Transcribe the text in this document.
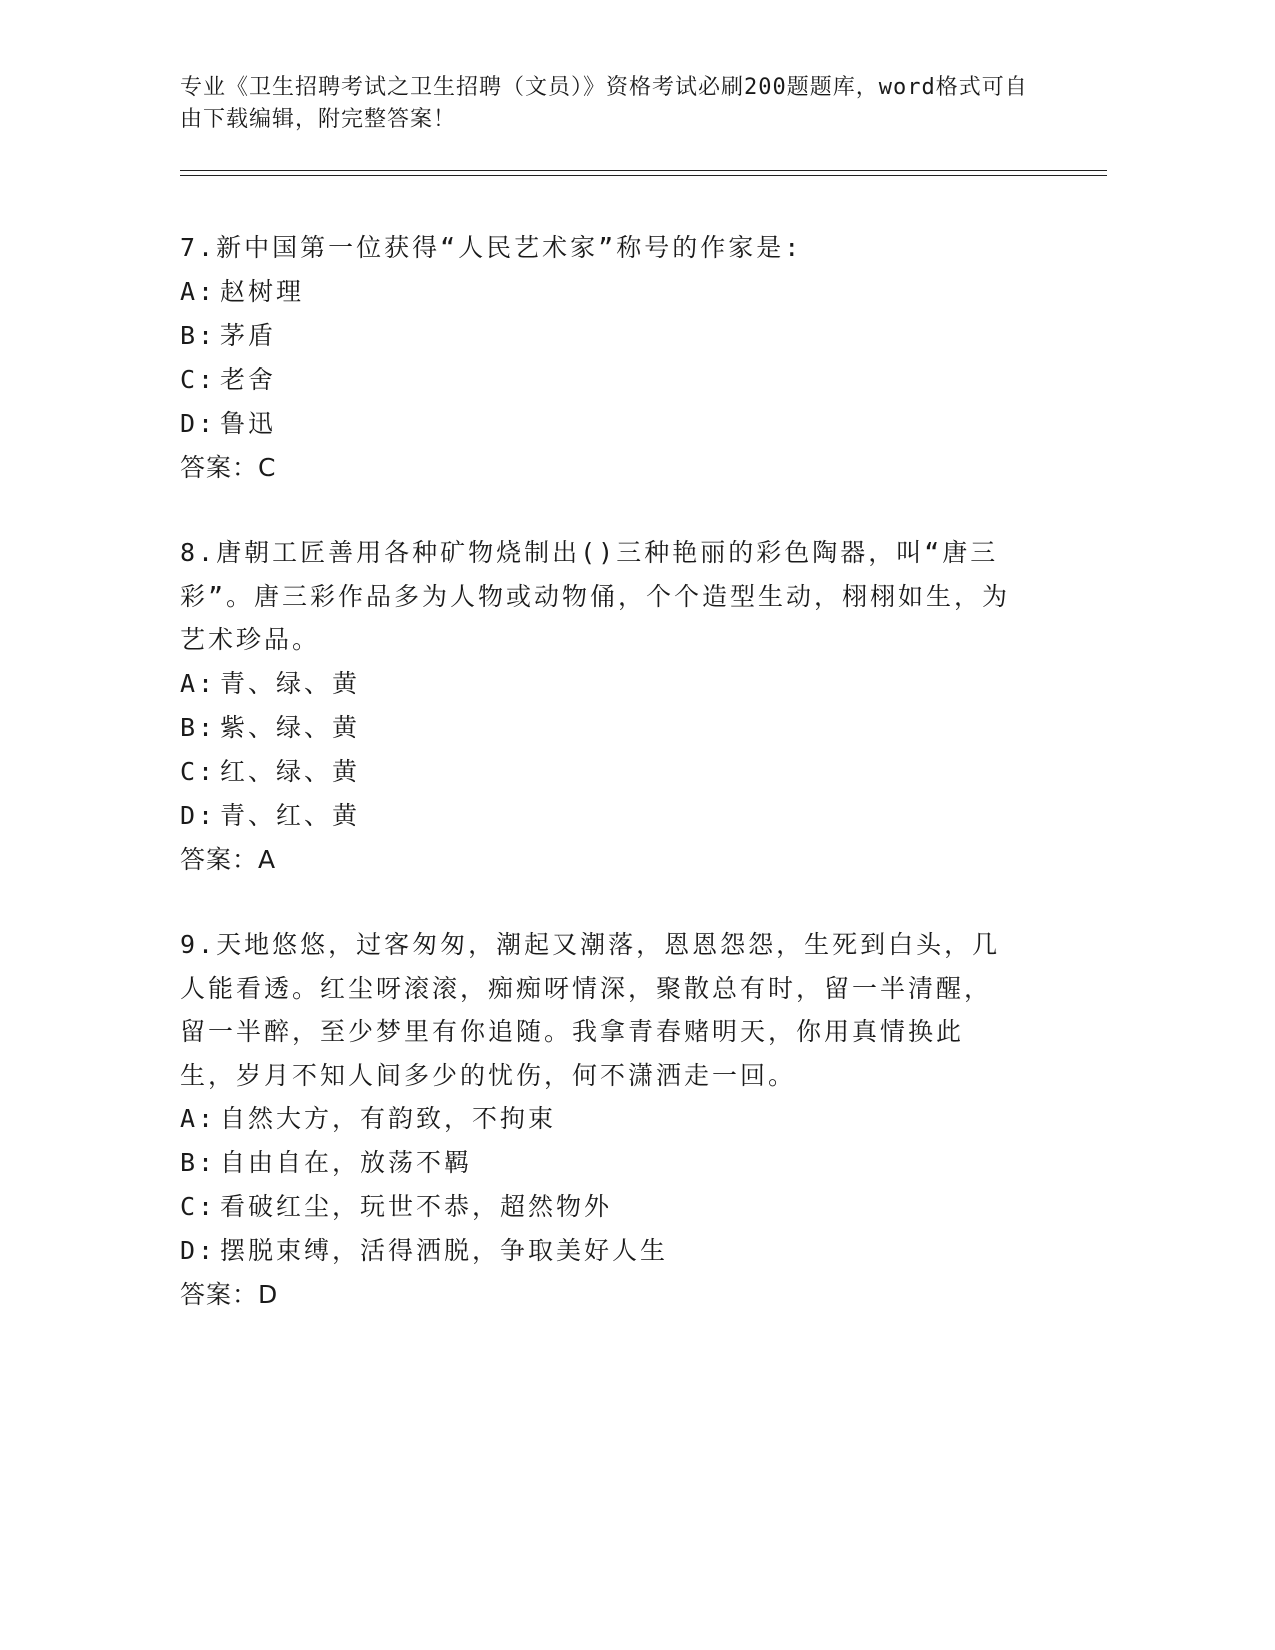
专业《卫生招聘考试之卫生招聘（文员）》资格考试必刷200题题库，word格式可自由下载编辑，附完整答案！

7.新中国第一位获得“人民艺术家”称号的作家是:

A: 赵树理

B: 茅盾

C: 老舍

D: 鲁迅

答案：C

8.唐朝工匠善用各种矿物烧制出()三种艳丽的彩色陶器，叫“唐三彩”。唐三彩作品多为人物或动物俑，个个造型生动，栩栩如生，为艺术珍品。

A: 青、绿、黄

B: 紫、绿、黄

C: 红、绿、黄

D: 青、红、黄

答案：A

9.天地悠悠，过客匆匆，潮起又潮落，恩恩怨怨，生死到白头，几人能看透。红尘呀滚滚，痴痴呀情深，聚散总有时，留一半清醒，留一半醉，至少梦里有你追随。我拿青春赌明天，你用真情换此生，岁月不知人间多少的忧伤，何不潇洒走一回。

A: 自然大方，有韵致，不拘束

B: 自由自在，放荡不羁

C: 看破红尘，玩世不恭，超然物外

D: 摆脱束缚，活得洒脱，争取美好人生

答案：D
